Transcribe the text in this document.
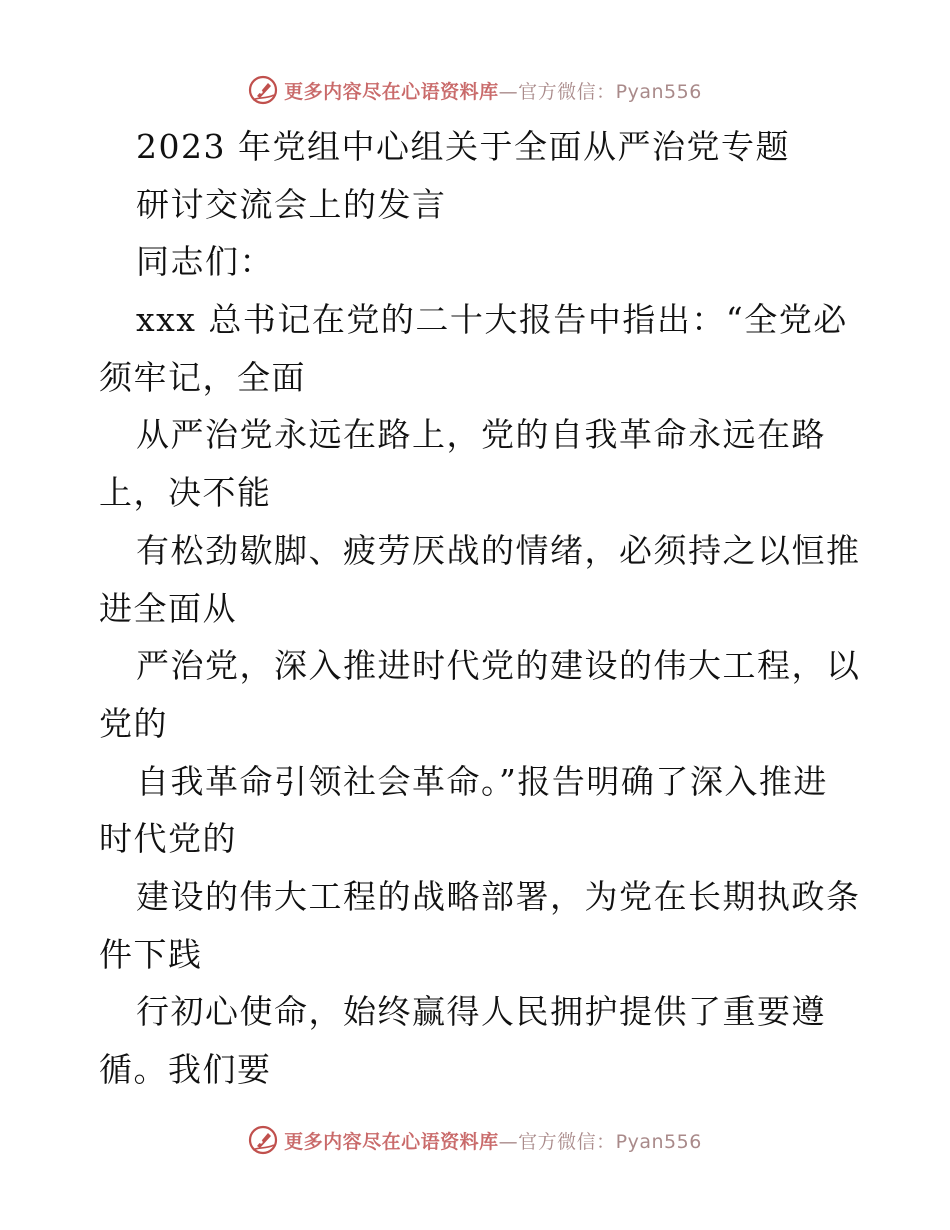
更多内容尽在心语资料库—官方微信：Pyan556
2023 年党组中心组关于全面从严治党专题
研讨交流会上的发言
同志们：
xxx 总书记在党的二十大报告中指出：“全党必
须牢记，全面
从严治党永远在路上，党的自我革命永远在路
上，决不能
有松劲歇脚、疲劳厌战的情绪，必须持之以恒推
进全面从
严治党，深入推进时代党的建设的伟大工程，以
党的
自我革命引领社会革命。”报告明确了深入推进
时代党的
建设的伟大工程的战略部署，为党在长期执政条
件下践
行初心使命，始终赢得人民拥护提供了重要遵
循。我们要
更多内容尽在心语资料库—官方微信：Pyan556
